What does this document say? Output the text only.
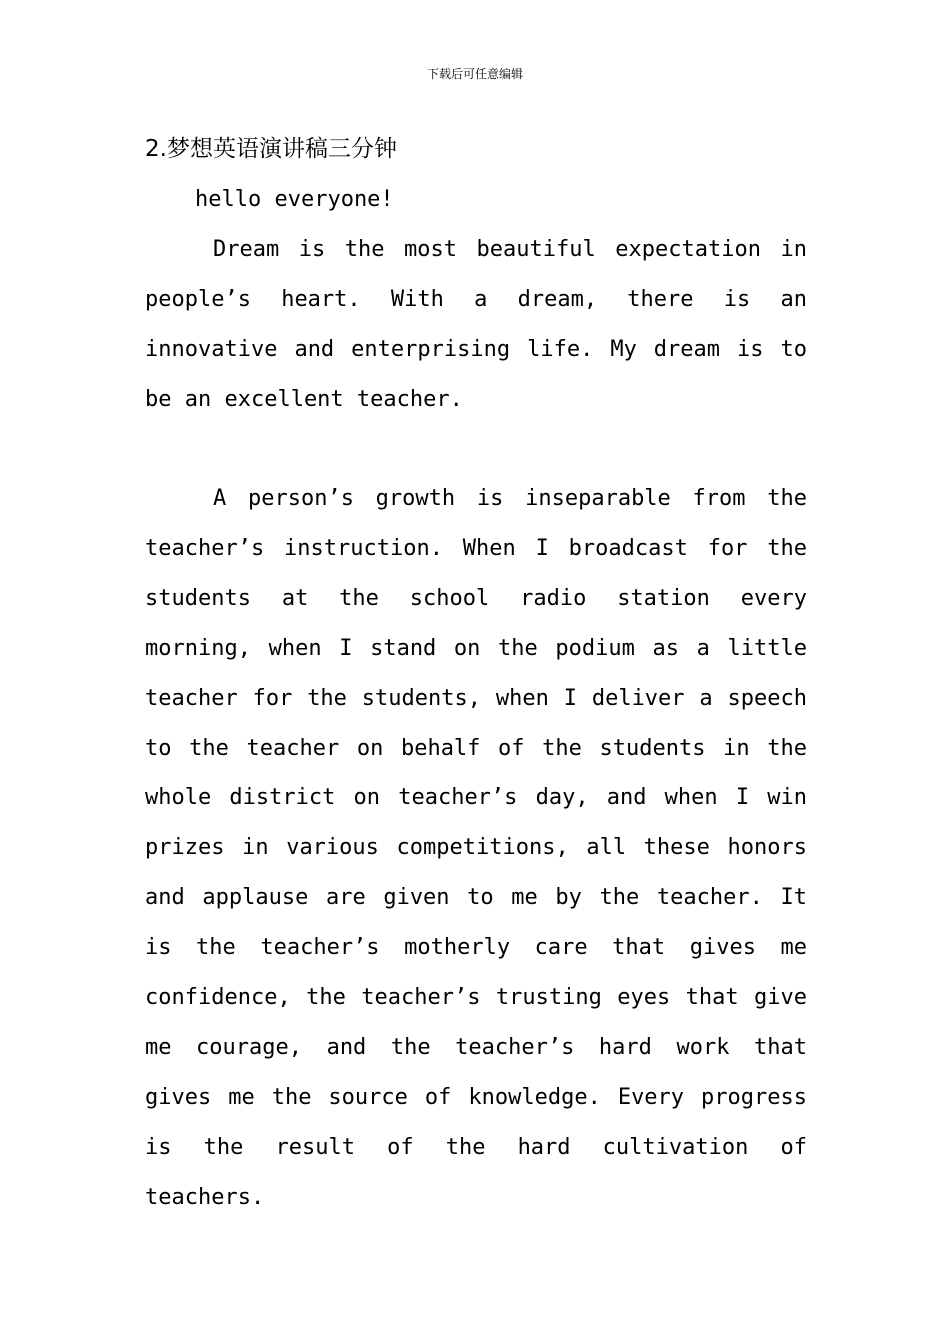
下载后可任意编辑
2.梦想英语演讲稿三分钟
hello everyone!

Dream is the most beautiful expectation in people’s heart. With a dream, there is an innovative and enterprising life. My dream is to be an excellent teacher.

A person’s growth is inseparable from the teacher’s instruction. When I broadcast for the students at the school radio station every morning, when I stand on the podium as a little teacher for the students, when I deliver a speech to the teacher on behalf of the students in the whole district on teacher’s day, and when I win prizes in various competitions, all these honors and applause are given to me by the teacher. It is the teacher’s motherly care that gives me confidence, the teacher’s trusting eyes that give me courage, and the teacher’s hard work that gives me the source of knowledge. Every progress is the result of the hard cultivation of teachers.
